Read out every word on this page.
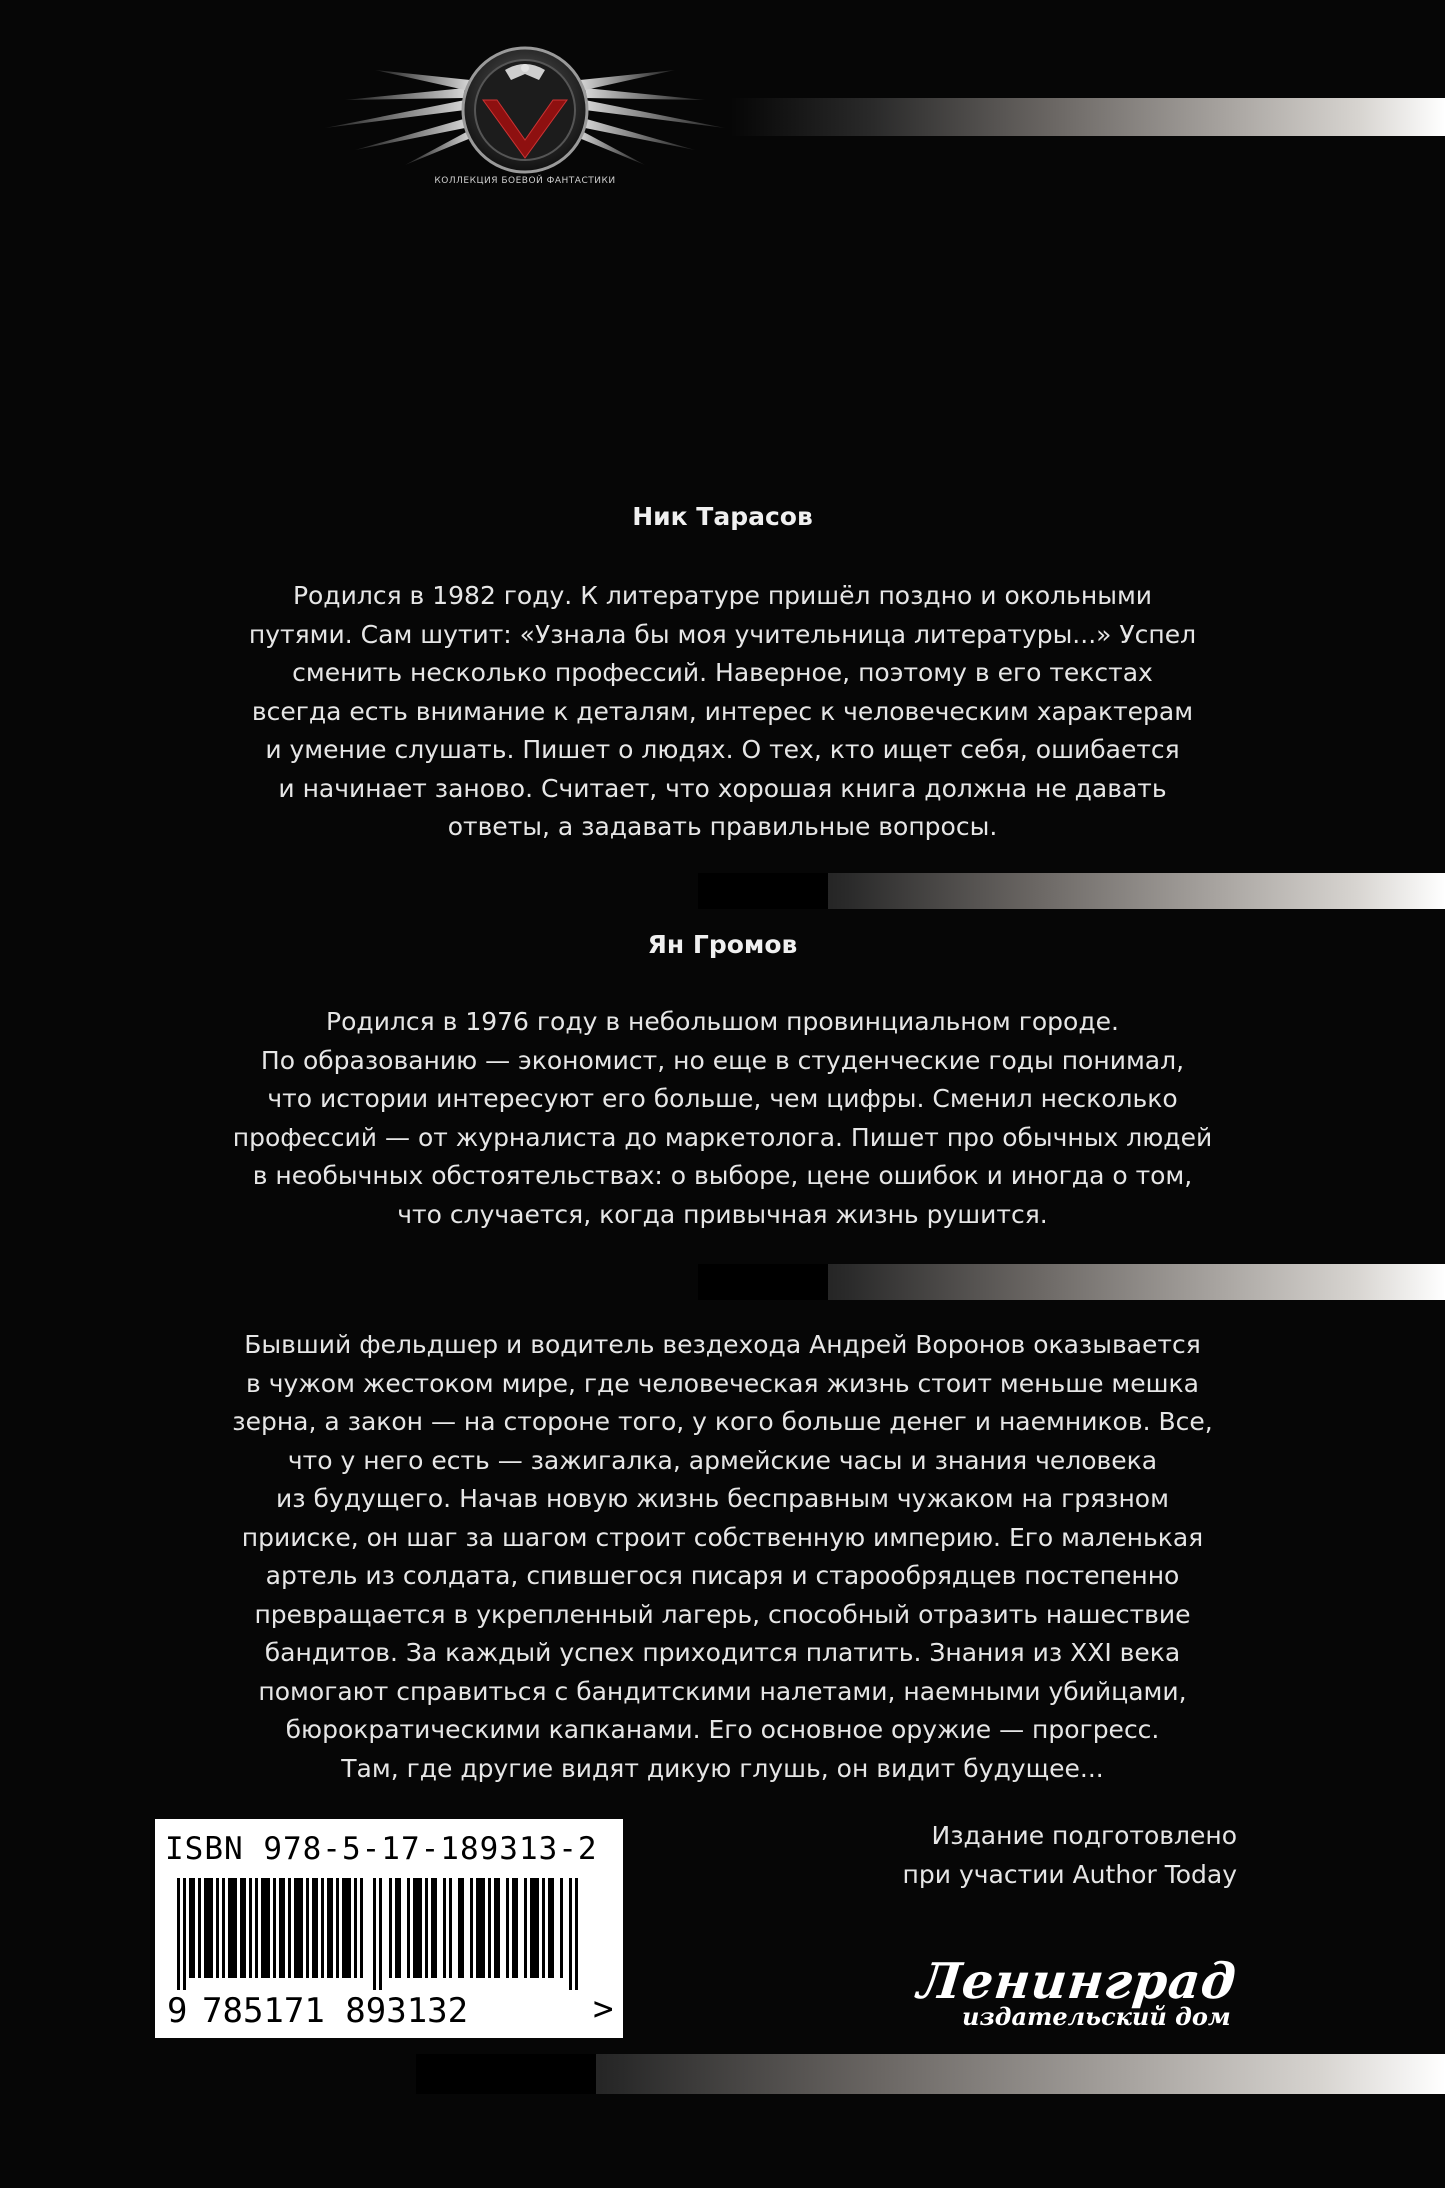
КОЛЛЕКЦИЯ БОЕВОЙ ФАНТАСТИКИ
Ник Тарасов
Родился в 1982 году. К литературе пришёл поздно и окольными
путями. Сам шутит: «Узнала бы моя учительница литературы...» Успел
сменить несколько профессий. Наверное, поэтому в его текстах
всегда есть внимание к деталям, интерес к человеческим характерам
и умение слушать. Пишет о людях. О тех, кто ищет себя, ошибается
и начинает заново. Считает, что хорошая книга должна не давать
ответы, а задавать правильные вопросы.
Ян Громов
Родился в 1976 году в небольшом провинциальном городе.
По образованию — экономист, но еще в студенческие годы понимал,
что истории интересуют его больше, чем цифры. Сменил несколько
профессий — от журналиста до маркетолога. Пишет про обычных людей
в необычных обстоятельствах: о выборе, цене ошибок и иногда о том,
что случается, когда привычная жизнь рушится.
Бывший фельдшер и водитель вездехода Андрей Воронов оказывается
в чужом жестоком мире, где человеческая жизнь стоит меньше мешка
зерна, а закон — на стороне того, у кого больше денег и наемников. Все,
что у него есть — зажигалка, армейские часы и знания человека
из будущего. Начав новую жизнь бесправным чужаком на грязном
прииске, он шаг за шагом строит собственную империю. Его маленькая
артель из солдата, спившегося писаря и старообрядцев постепенно
превращается в укрепленный лагерь, способный отразить нашествие
бандитов. За каждый успех приходится платить. Знания из XXI века
помогают справиться с бандитскими налетами, наемными убийцами,
бюрократическими капканами. Его основное оружие — прогресс.
Там, где другие видят дикую глушь, он видит будущее...
ISBN 978-5-17-189313-2
9 785171 893132	>
Издание подготовлено
при участии Author Today
Ленинград
издательский дом
